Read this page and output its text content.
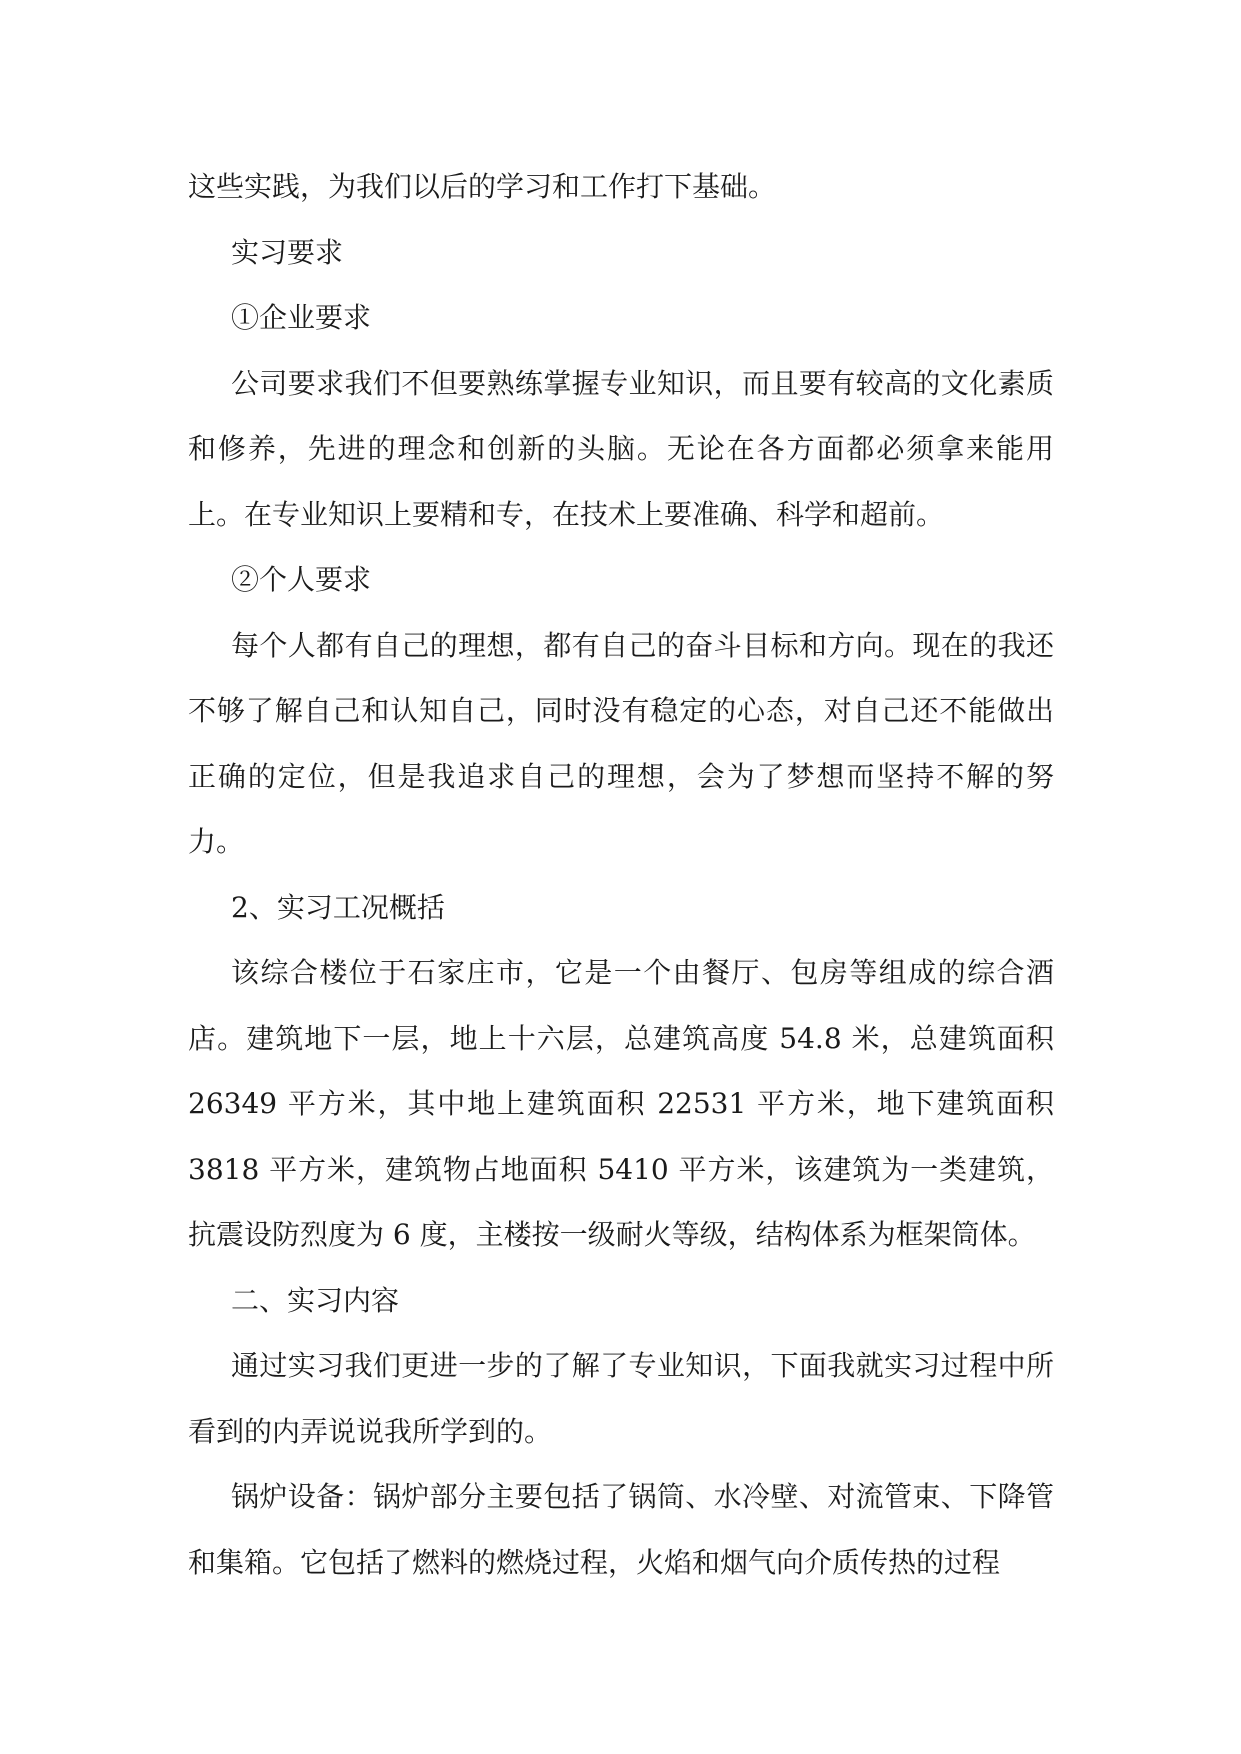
这些实践，为我们以后的学习和工作打下基础。

实习要求

①企业要求

公司要求我们不但要熟练掌握专业知识，而且要有较高的文化素质和修养，先进的理念和创新的头脑。无论在各方面都必须拿来能用上。在专业知识上要精和专，在技术上要准确、科学和超前。

②个人要求

每个人都有自己的理想，都有自己的奋斗目标和方向。现在的我还不够了解自己和认知自己，同时没有稳定的心态，对自己还不能做出正确的定位，但是我追求自己的理想，会为了梦想而坚持不解的努力。

2、实习工况概括

该综合楼位于石家庄市，它是一个由餐厅、包房等组成的综合酒店。建筑地下一层，地上十六层，总建筑高度 54.8 米，总建筑面积 26349 平方米，其中地上建筑面积 22531 平方米，地下建筑面积 3818 平方米，建筑物占地面积 5410 平方米，该建筑为一类建筑，抗震设防烈度为 6 度，主楼按一级耐火等级，结构体系为框架筒体。

二、实习内容

通过实习我们更进一步的了解了专业知识，下面我就实习过程中所看到的内弄说说我所学到的。

锅炉设备：锅炉部分主要包括了锅筒、水冷壁、对流管束、下降管和集箱。它包括了燃料的燃烧过程，火焰和烟气向介质传热的过程
